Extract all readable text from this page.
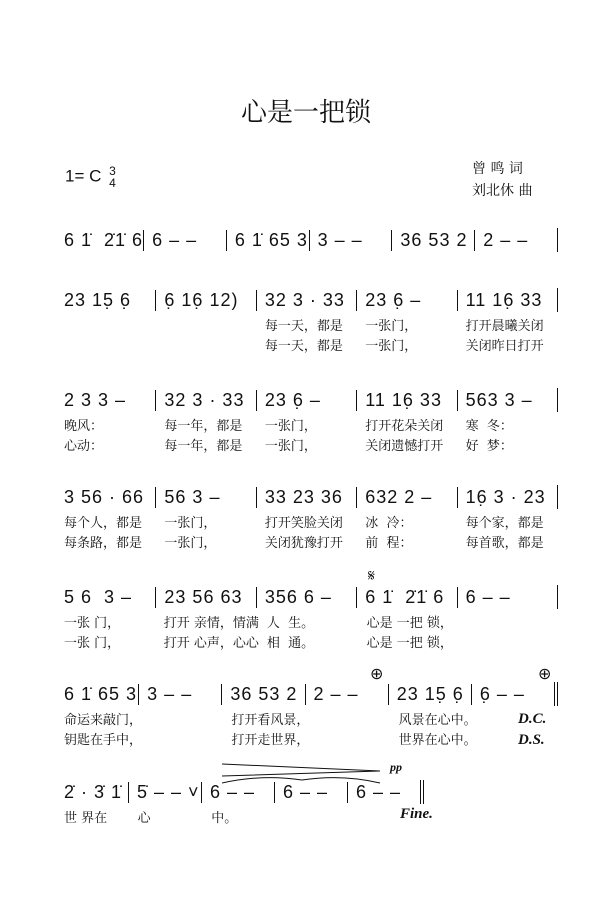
心是一把锁
1= C 3
4
曾 鸣 词
刘北休 曲
6 1̇  2̇1̇ 6 6 – –	6 1̇ 65 3 3 – –	36 53 2 2 – –
23 15̣ 6̣	6̣ 16̣ 12)	32 3 · 33	23 6̣ –	11 16̣ 33
每一天，都是	一张门，	打开晨曦关闭
每一天，都是	一张门，	关闭昨日打开
2 3 3 –	32 3 · 33	23 6̣ –	11 16̣ 33	563 3 –
晚风：	每一年，都是	一张门，	打开花朵关闭	寒  冬：
心动：	每一年，都是	一张门，	关闭遗憾打开	好  梦：
3 56 · 66	56 3 –	33 23 36	632 2 –	16̣ 3 · 23
每个人，都是	一张门，	打开笑脸关闭	冰  冷：	每个家，都是
每条路，都是	一张门，	关闭犹豫打开	前  程：	每首歌，都是
5 6  3 –	23 56 63	356 6 –	6 1̇  2̇1̇ 6	6 – –
一张 门，	打开 亲情，情满 人  生。	心是 一把 锁，
一张 门，	打开 心声，心心 相  通。	心是 一把 锁，
6 1̇ 65 3 3 – –	36 53 2 2 – –	23 15̣ 6̣ 6̣ – –
命运来敲门，	打开看风景，	风景在心中。
钥匙在手中，	打开走世界，	世界在心中。
2̇ · 3̇ 1̇ 5̇ – – ˅ 6 – –	6 – –	6 – –
世 界在	心	中。
D.C.
D.S.
Fine.
pp
𝄋
⊕	⊕
